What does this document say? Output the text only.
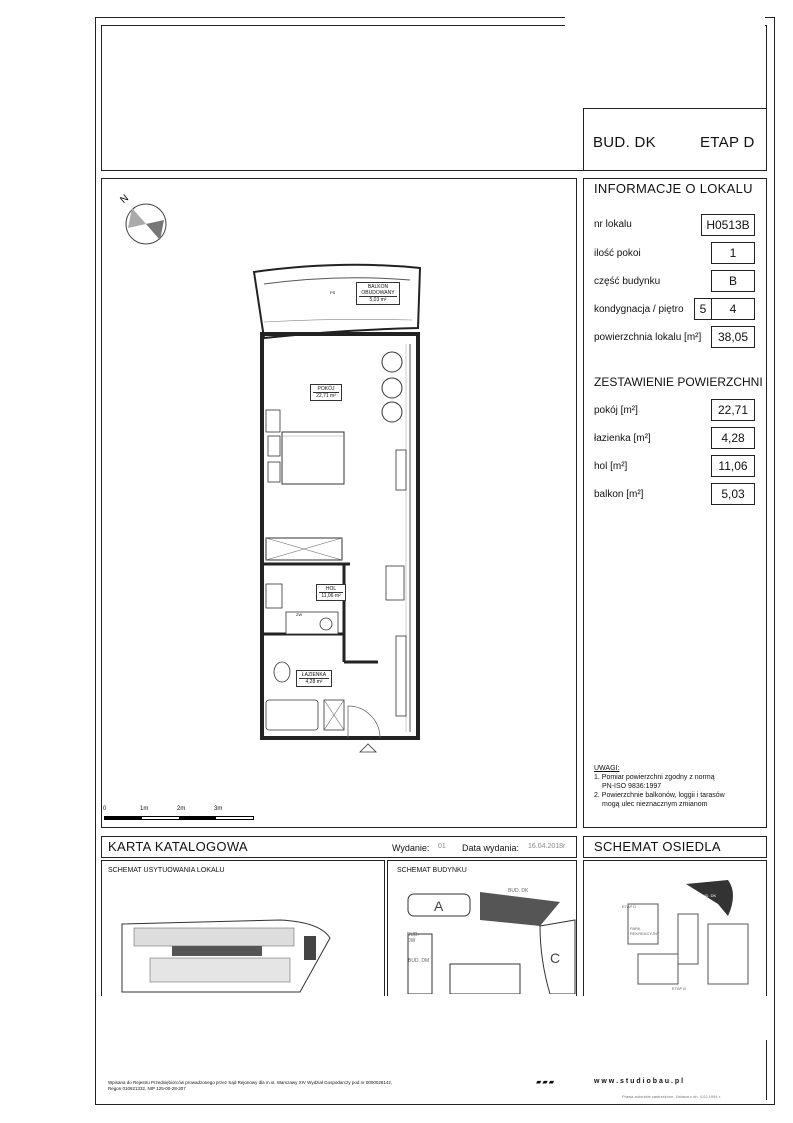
BUD. DK	ETAP D
INFORMACJE O LOKALU
nr lokalu	H0513B
ilość pokoi	1
część budynku	B
kondygnacja / piętro	5	4
powierzchnia lokalu [m²]	38,05
ZESTAWIENIE POWIERZCHNI
pokój [m²]	22,71
łazienka [m²]	4,28
hol [m²]	11,06
balkon [m²]	5,03
UWAGI:
1. Pomiar powierzchni zgodny z normą
PN-ISO 9836:1997
2. Powierzchnie balkonów, loggii i tarasów
mogą ulec nieznacznym zmianom
N
BALKON OBUDOWANY
5,03 m²
POKÓJ
22,71 m²
HOL
11,06 m²
ŁAZIENKA
4,28 m²
PS
ZW
0	1m	2m	3m
KARTA KATALOGOWA	Wydanie: 01 Data wydania: 16.04.2018r SCHEMAT OSIEDLA
SCHEMAT USYTUOWANIA LOKALU	SCHEMAT BUDYNKU
A
C
BUD. DK
BUD. DW
BUD. DM
ETAP D
BUD. DK
PARK REKREACYJNY
ETAP B
Wpisana do Rejestru Przedsiębiorców prowadzonego przez Sąd Rejonowy dla m.st. Warszawy XIV Wydział Gospodarczy pod nr 0000028142,
Regon 010621332, NIP 125-00-28-307
▰▰▰	w w w . s t u d i o b a u . p l
Prawa autorskie zastrzeżone. Ustawa z dn. 4.02.1994 r.
